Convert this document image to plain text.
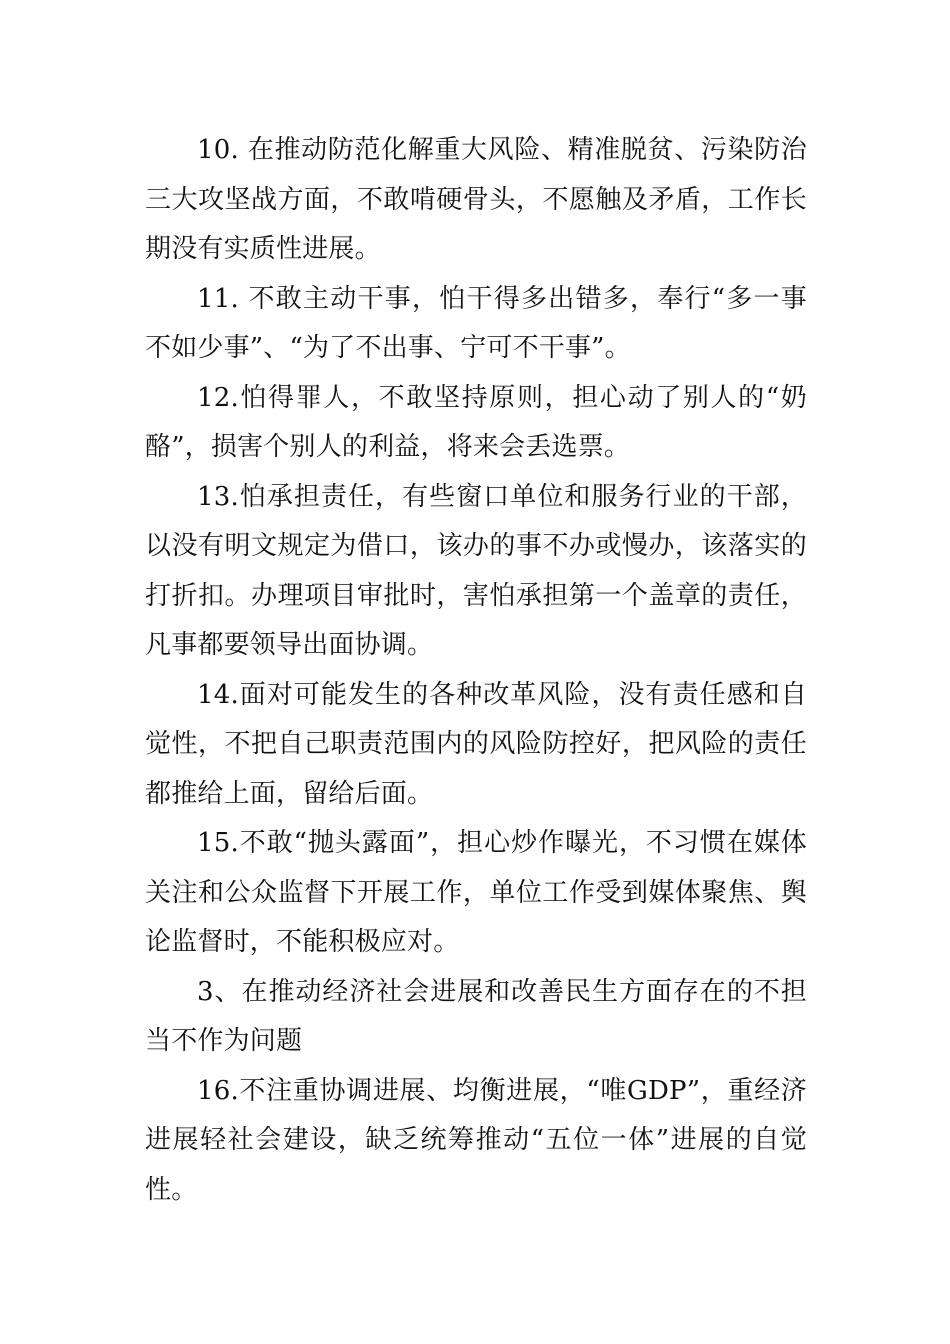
10. 在推动防范化解重大风险、精准脱贫、污染防治三大攻坚战方面，不敢啃硬骨头，不愿触及矛盾，工作长期没有实质性进展。

11. 不敢主动干事，怕干得多出错多，奉行“多一事不如少事”、“为了不出事、宁可不干事”。

12.怕得罪人，不敢坚持原则，担心动了别人的“奶酪”，损害个别人的利益，将来会丢选票。

13.怕承担责任，有些窗口单位和服务行业的干部，以没有明文规定为借口，该办的事不办或慢办，该落实的打折扣。办理项目审批时，害怕承担第一个盖章的责任，凡事都要领导出面协调。

14.面对可能发生的各种改革风险，没有责任感和自觉性，不把自己职责范围内的风险防控好，把风险的责任都推给上面，留给后面。

15.不敢“抛头露面”，担心炒作曝光，不习惯在媒体关注和公众监督下开展工作，单位工作受到媒体聚焦、舆论监督时，不能积极应对。

3、在推动经济社会进展和改善民生方面存在的不担当不作为问题

16.不注重协调进展、均衡进展，“唯GDP”，重经济进展轻社会建设，缺乏统筹推动“五位一体”进展的自觉性。
